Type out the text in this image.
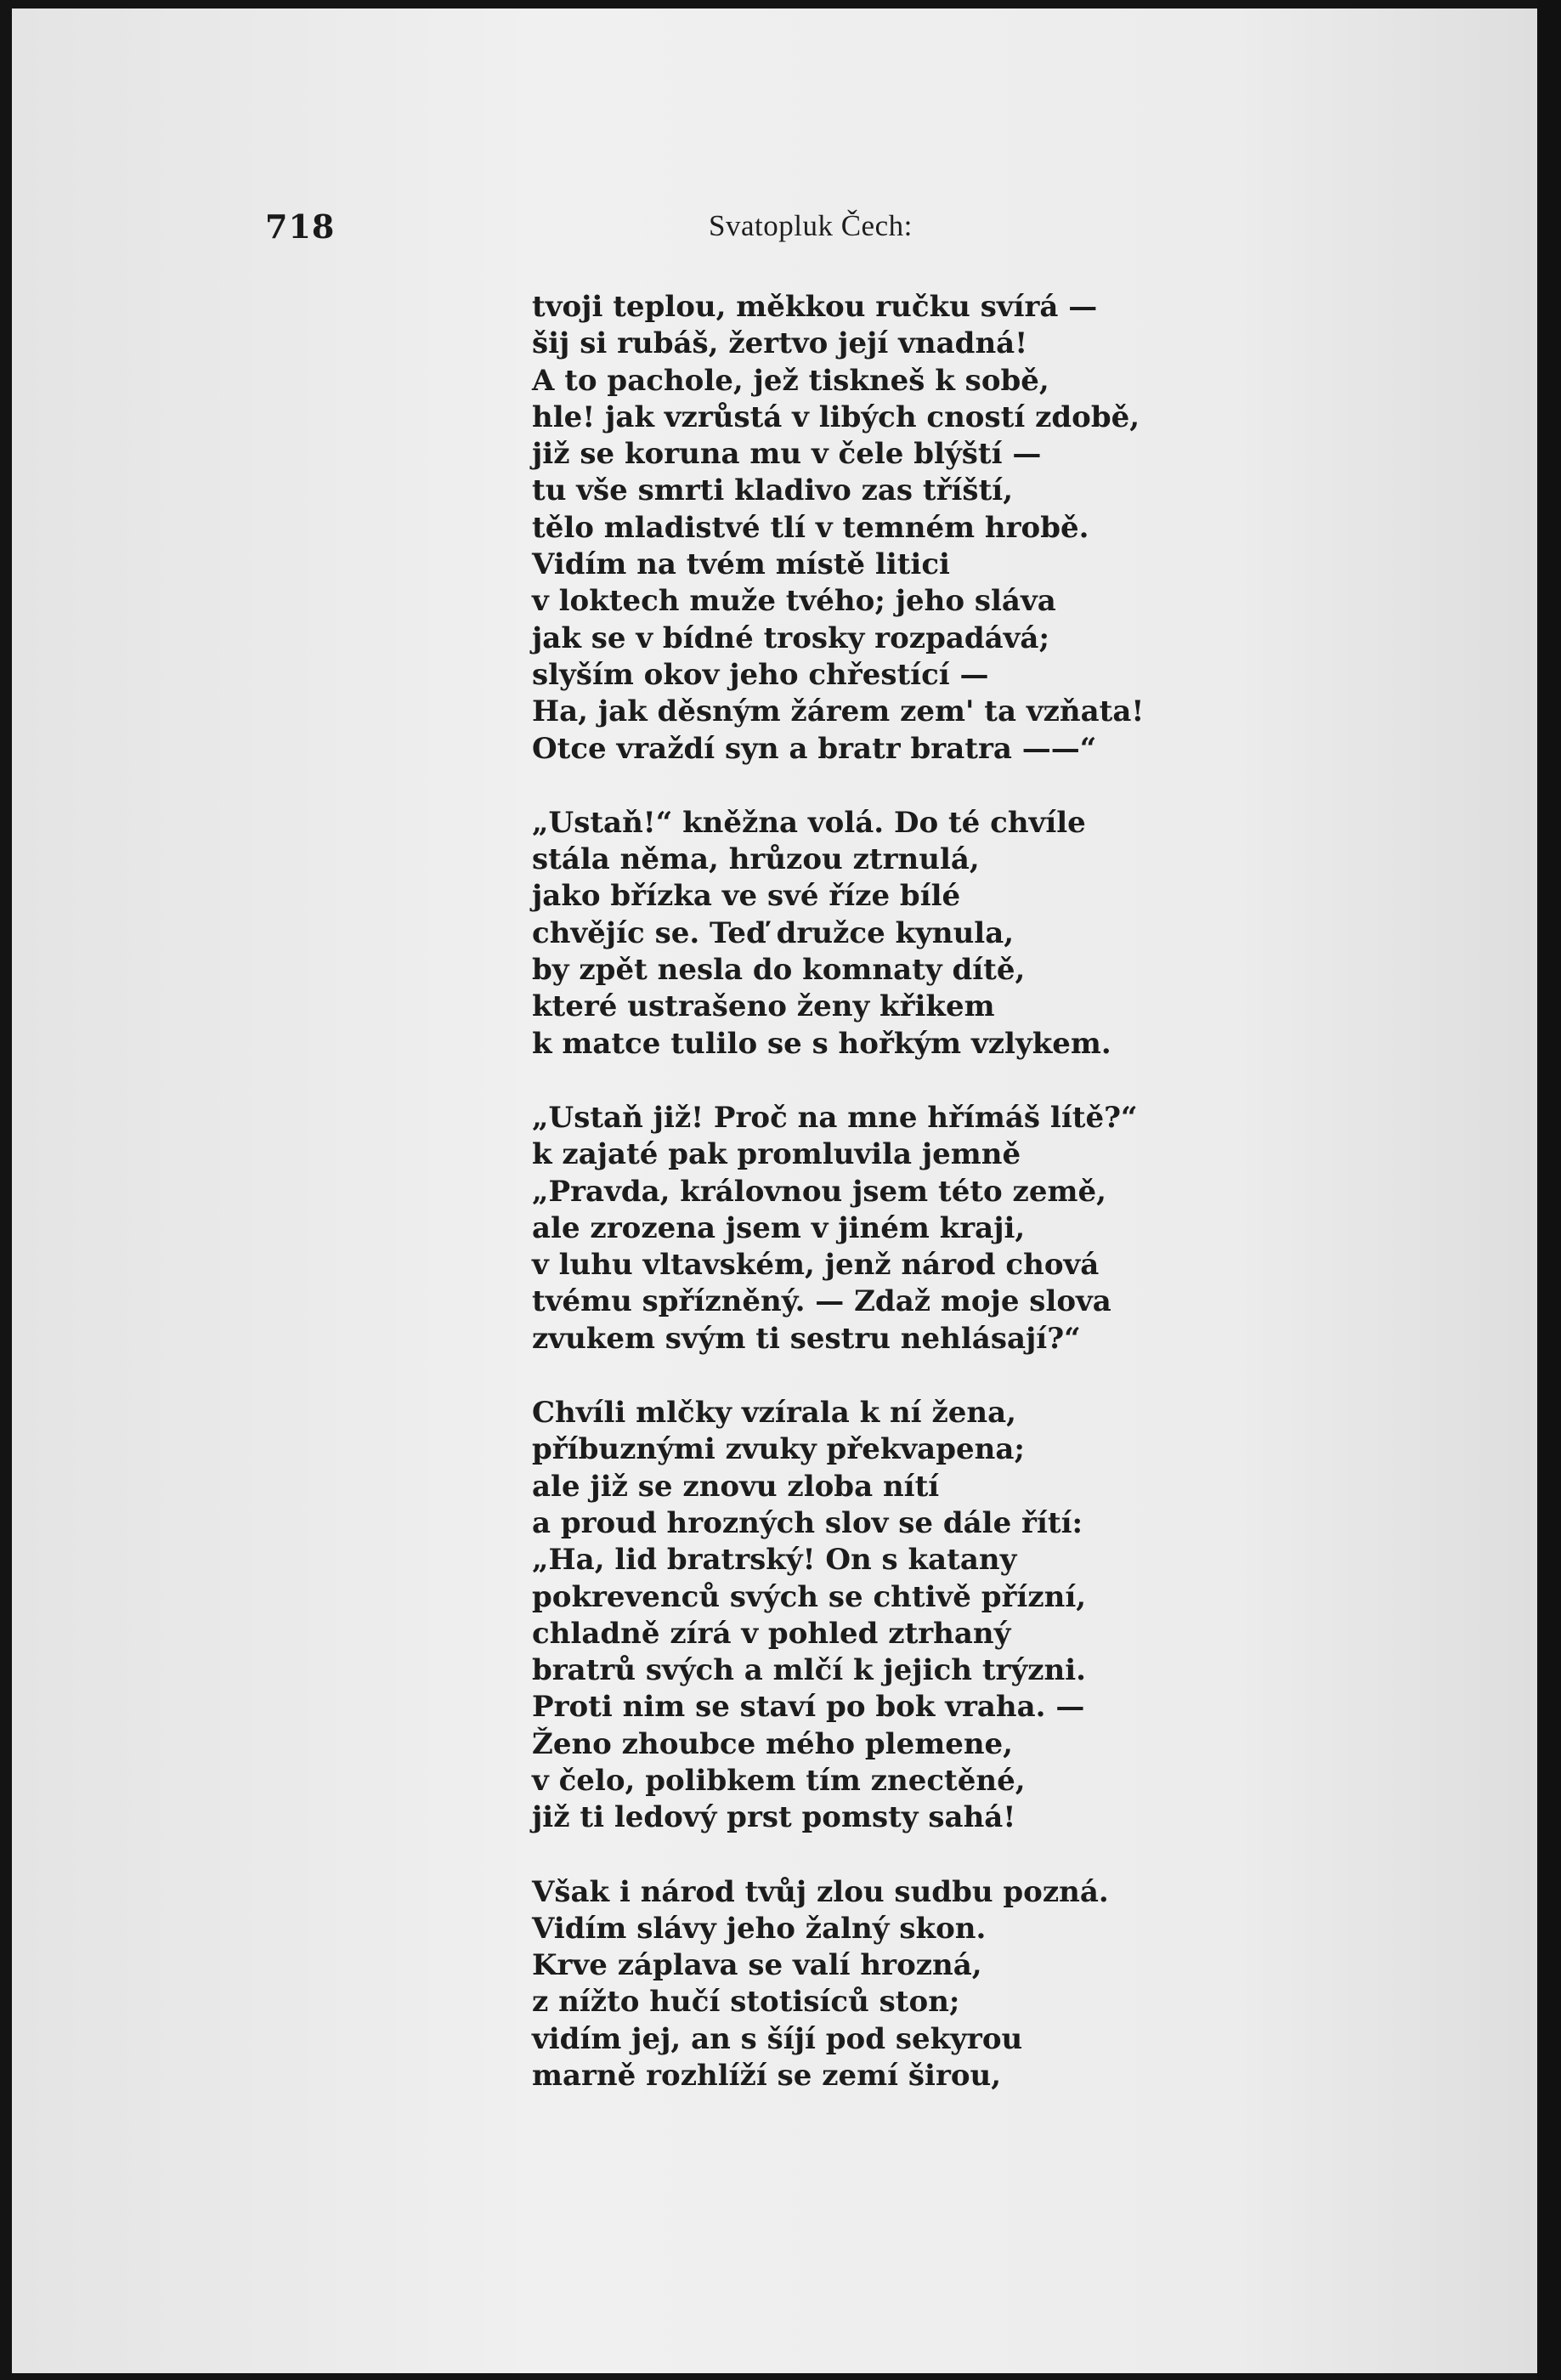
718	Svatopluk Čech:
tvoji teplou, měkkou ručku svírá —
šij si rubáš, žertvo její vnadná!
A to pachole, jež tiskneš k sobě,
hle! jak vzrůstá v libých cností zdobě,
již se koruna mu v čele blýští —
tu vše smrti kladivo zas tříští,
tělo mladistvé tlí v temném hrobě.
Vidím na tvém místě litici
v loktech muže tvého; jeho sláva
jak se v bídné trosky rozpadává;
slyším okov jeho chřestící —
Ha, jak děsným žárem zem' ta vzňata!
Otce vraždí syn a bratr bratra ——“
„Ustaň!“ kněžna volá. Do té chvíle
stála něma, hrůzou ztrnulá,
jako břízka ve své říze bílé
chvějíc se. Teď družce kynula,
by zpět nesla do komnaty dítě,
které ustrašeno ženy křikem
k matce tulilo se s hořkým vzlykem.
„Ustaň již! Proč na mne hřímáš lítě?“
k zajaté pak promluvila jemně
„Pravda, královnou jsem této země,
ale zrozena jsem v jiném kraji,
v luhu vltavském, jenž národ chová
tvému spřízněný. — Zdaž moje slova
zvukem svým ti sestru nehlásají?“
Chvíli mlčky vzírala k ní žena,
příbuznými zvuky překvapena;
ale již se znovu zloba nítí
a proud hrozných slov se dále řítí:
„Ha, lid bratrský! On s katany
pokrevenců svých se chtivě přízní,
chladně zírá v pohled ztrhaný
bratrů svých a mlčí k jejich trýzni.
Proti nim se staví po bok vraha. —
Ženo zhoubce mého plemene,
v čelo, polibkem tím znectěné,
již ti ledový prst pomsty sahá!
Však i národ tvůj zlou sudbu pozná.
Vidím slávy jeho žalný skon.
Krve záplava se valí hrozná,
z nížto hučí stotisíců ston;
vidím jej, an s šíjí pod sekyrou
marně rozhlíží se zemí širou,
